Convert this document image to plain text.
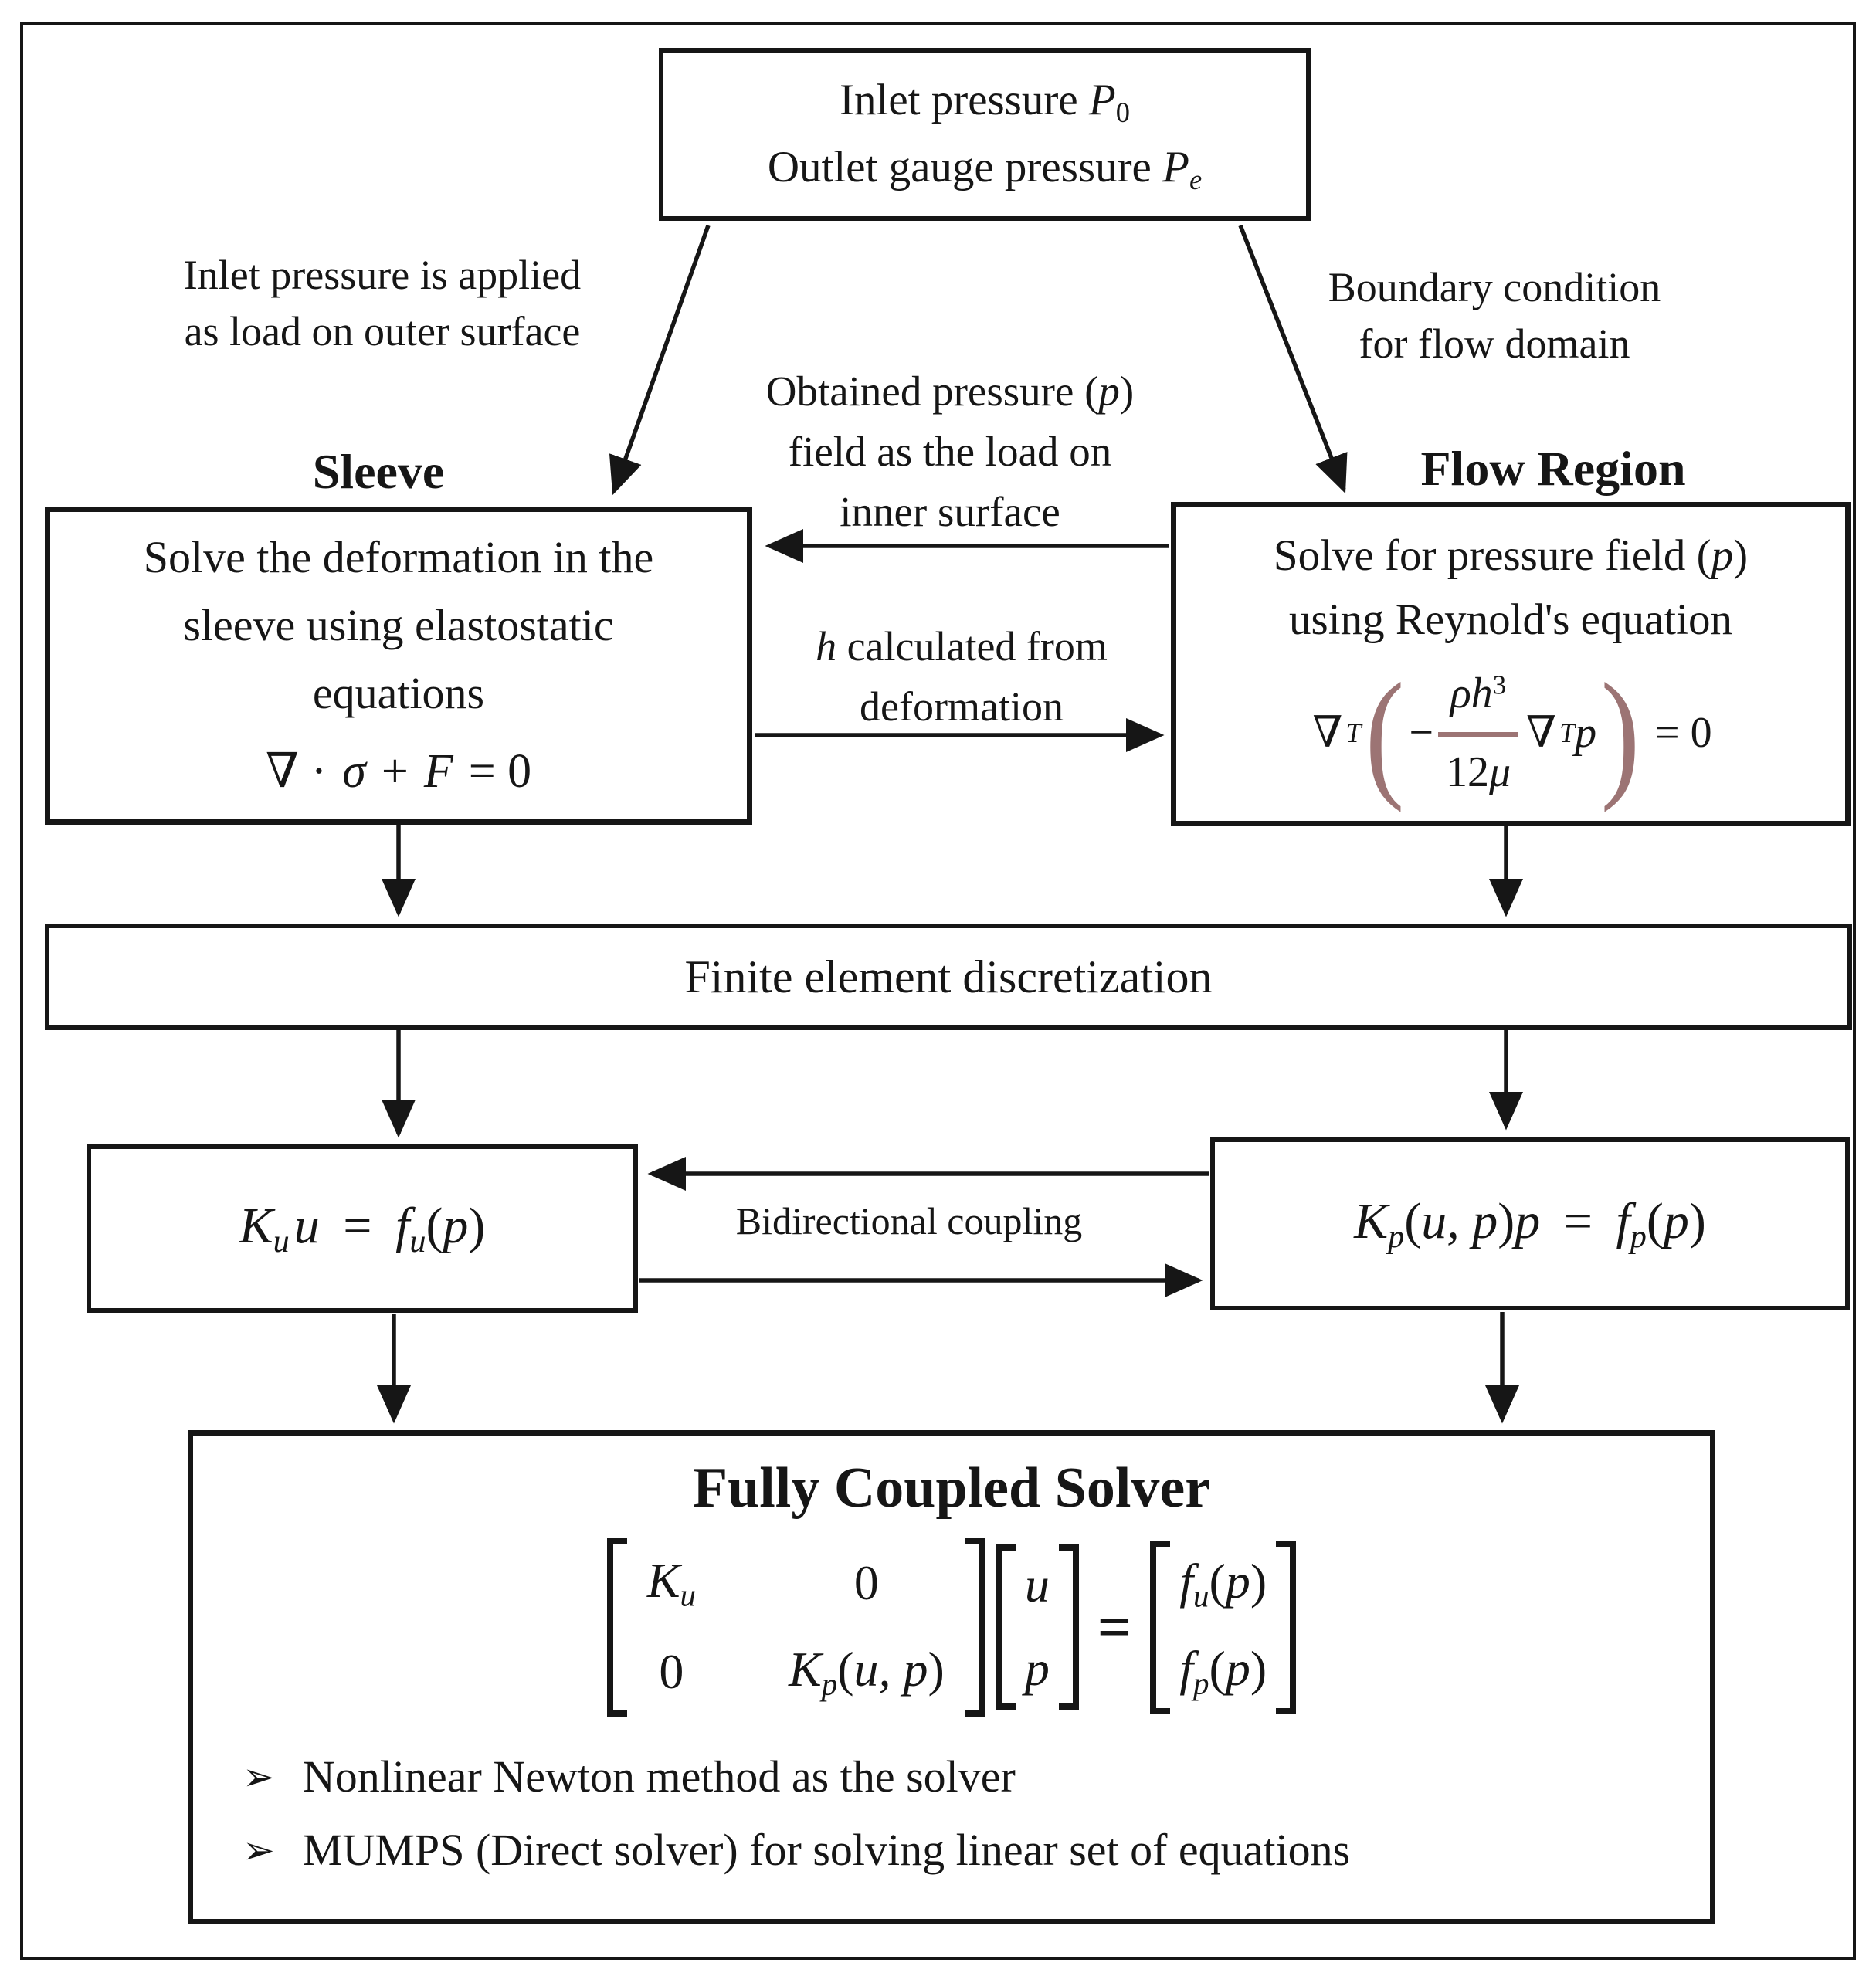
Inlet pressure P0
Outlet gauge pressure Pe
Inlet pressure is applied
as load on outer surface
Boundary condition
for flow domain
Obtained pressure (p)
field as the load on
inner surface
h calculated from
deformation
Sleeve	Flow Region
Solve the deformation in the
sleeve using elastostatic
equations
∇ · σ + F = 0
Solve for pressure field (p)
using Reynold's equation
∇ T ( − $\frac{\rho h^3}{12\mu}$ ∇ T p ) = 0
Finite element discretization
Kuu = fu(p)	Kp(u, p)p = fp(p)
Bidirectional coupling
Fully Coupled Solver
Ku	0
0 Kp(u, p)
u
p
=
fu(p)
fp(p)
➢ Nonlinear Newton method as the solver
➢ MUMPS (Direct solver) for solving linear set of equations
